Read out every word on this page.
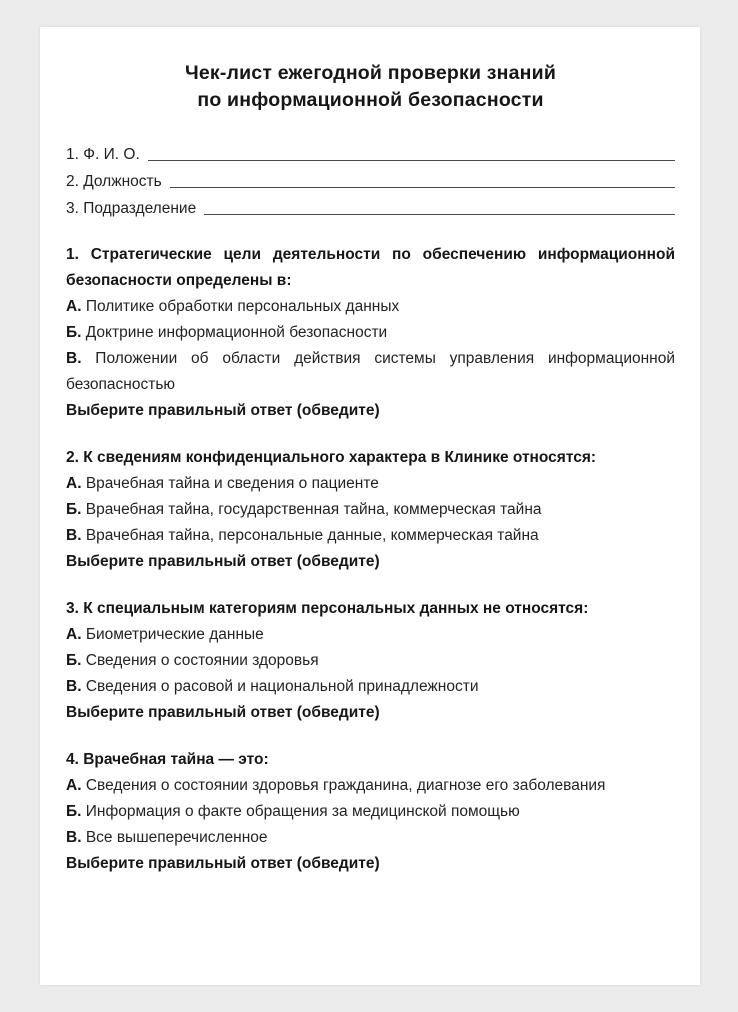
Чек-лист ежегодной проверки знаний
по информационной безопасности
1. Ф. И. О.
2. Должность
3. Подразделение

1. Стратегические цели деятельности по обеспечению информационной безопасности определены в:

А. Политике обработки персональных данных

Б. Доктрине информационной безопасности

В. Положении об области действия системы управления информационной безопасностью

Выберите правильный ответ (обведите)

2. К сведениям конфиденциального характера в Клинике относятся:

А. Врачебная тайна и сведения о пациенте

Б. Врачебная тайна, государственная тайна, коммерческая тайна

В. Врачебная тайна, персональные данные, коммерческая тайна

Выберите правильный ответ (обведите)

3. К специальным категориям персональных данных не относятся:

А. Биометрические данные

Б. Сведения о состоянии здоровья

В. Сведения о расовой и национальной принадлежности

Выберите правильный ответ (обведите)

4. Врачебная тайна — это:

А. Сведения о состоянии здоровья гражданина, диагнозе его заболевания

Б. Информация о факте обращения за медицинской помощью

В. Все вышеперечисленное

Выберите правильный ответ (обведите)
